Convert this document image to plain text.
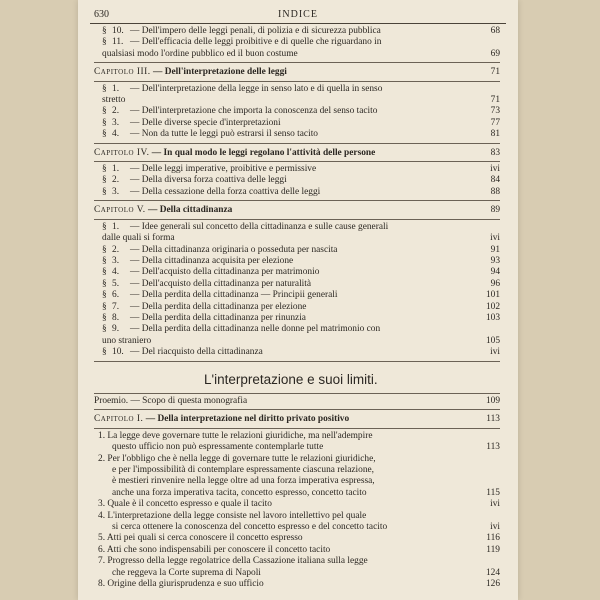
630	INDICE
§ 10. — Dell'impero delle leggi penali, di polizia e di sicurezza pubblica	68
§ 11. — Dell'efficacia delle leggi proibitive e di quelle che riguardano in
qualsiasi modo l'ordine pubblico ed il buon costume	69
Capitolo III. — Dell'interpretazione delle leggi	71
§ 1. — Dell'interpretazione della legge in senso lato e di quella in senso
stretto	71
§ 2. — Dell'interpretazione che importa la conoscenza del senso tacito	73
§ 3. — Delle diverse specie d'interpretazioni	77
§ 4. — Non da tutte le leggi può estrarsi il senso tacito	81
Capitolo IV. — In qual modo le leggi regolano l'attività delle persone	83
§ 1. — Delle leggi imperative, proibitive e permissive	ivi
§ 2. — Della diversa forza coattiva delle leggi	84
§ 3. — Della cessazione della forza coattiva delle leggi	88
Capitolo V. — Della cittadinanza	89
§ 1. — Idee generali sul concetto della cittadinanza e sulle cause generali
dalle quali si forma	ivi
§ 2. — Della cittadinanza originaria o posseduta per nascita	91
§ 3. — Della cittadinanza acquisita per elezione	93
§ 4. — Dell'acquisto della cittadinanza per matrimonio	94
§ 5. — Dell'acquisto della cittadinanza per naturalità	96
§ 6. — Della perdita della cittadinanza — Principii generali	101
§ 7. — Della perdita della cittadinanza per elezione	102
§ 8. — Della perdita della cittadinanza per rinunzia	103
§ 9. — Della perdita della cittadinanza nelle donne pel matrimonio con
uno straniero	105
§ 10. — Del riacquisto della cittadinanza	ivi
L'interpretazione e suoi limiti.
Proemio. — Scopo di questa monografia	109
Capitolo I. — Della interpretazione nel diritto privato positivo	113
1. La legge deve governare tutte le relazioni giuridiche, ma nell'adempire
questo ufficio non può espressamente contemplarle tutte	113
2. Per l'obbligo che è nella legge di governare tutte le relazioni giuridiche,
e per l'impossibilità di contemplare espressamente ciascuna relazione,
è mestieri rinvenire nella legge oltre ad una forza imperativa espressa,
anche una forza imperativa tacita, concetto espresso, concetto tacito	115
3. Quale è il concetto espresso e quale il tacito	ivi
4. L'interpretazione della legge consiste nel lavoro intellettivo pel quale
si cerca ottenere la conoscenza del concetto espresso e del concetto tacito	ivi
5. Atti pei quali si cerca conoscere il concetto espresso	116
6. Atti che sono indispensabili per conoscere il concetto tacito	119
7. Progresso della legge regolatrice della Cassazione italiana sulla legge
che reggeva la Corte suprema di Napoli	124
8. Origine della giurisprudenza e suo ufficio	126
